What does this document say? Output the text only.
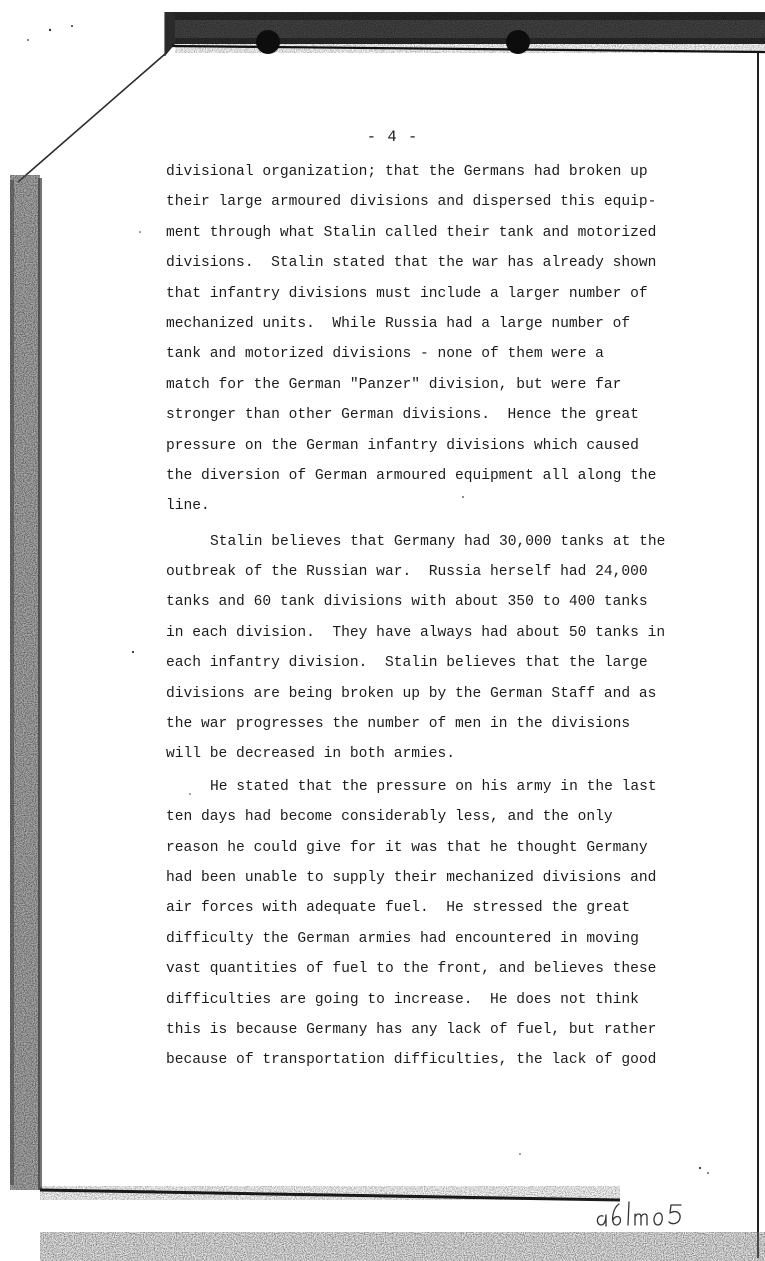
- 4 -
divisional organization; that the Germans had broken up
their large armoured divisions and dispersed this equip-
ment through what Stalin called their tank and motorized
divisions.  Stalin stated that the war has already shown
that infantry divisions must include a larger number of
mechanized units.  While Russia had a large number of
tank and motorized divisions - none of them were a
match for the German "Panzer" division, but were far
stronger than other German divisions.  Hence the great
pressure on the German infantry divisions which caused
the diversion of German armoured equipment all along the
line.
Stalin believes that Germany had 30,000 tanks at the
outbreak of the Russian war.  Russia herself had 24,000
tanks and 60 tank divisions with about 350 to 400 tanks
in each division.  They have always had about 50 tanks in
each infantry division.  Stalin believes that the large
divisions are being broken up by the German Staff and as
the war progresses the number of men in the divisions
will be decreased in both armies.
He stated that the pressure on his army in the last
ten days had become considerably less, and the only
reason he could give for it was that he thought Germany
had been unable to supply their mechanized divisions and
air forces with adequate fuel.  He stressed the great
difficulty the German armies had encountered in moving
vast quantities of fuel to the front, and believes these
difficulties are going to increase.  He does not think
this is because Germany has any lack of fuel, but rather
because of transportation difficulties, the lack of good
